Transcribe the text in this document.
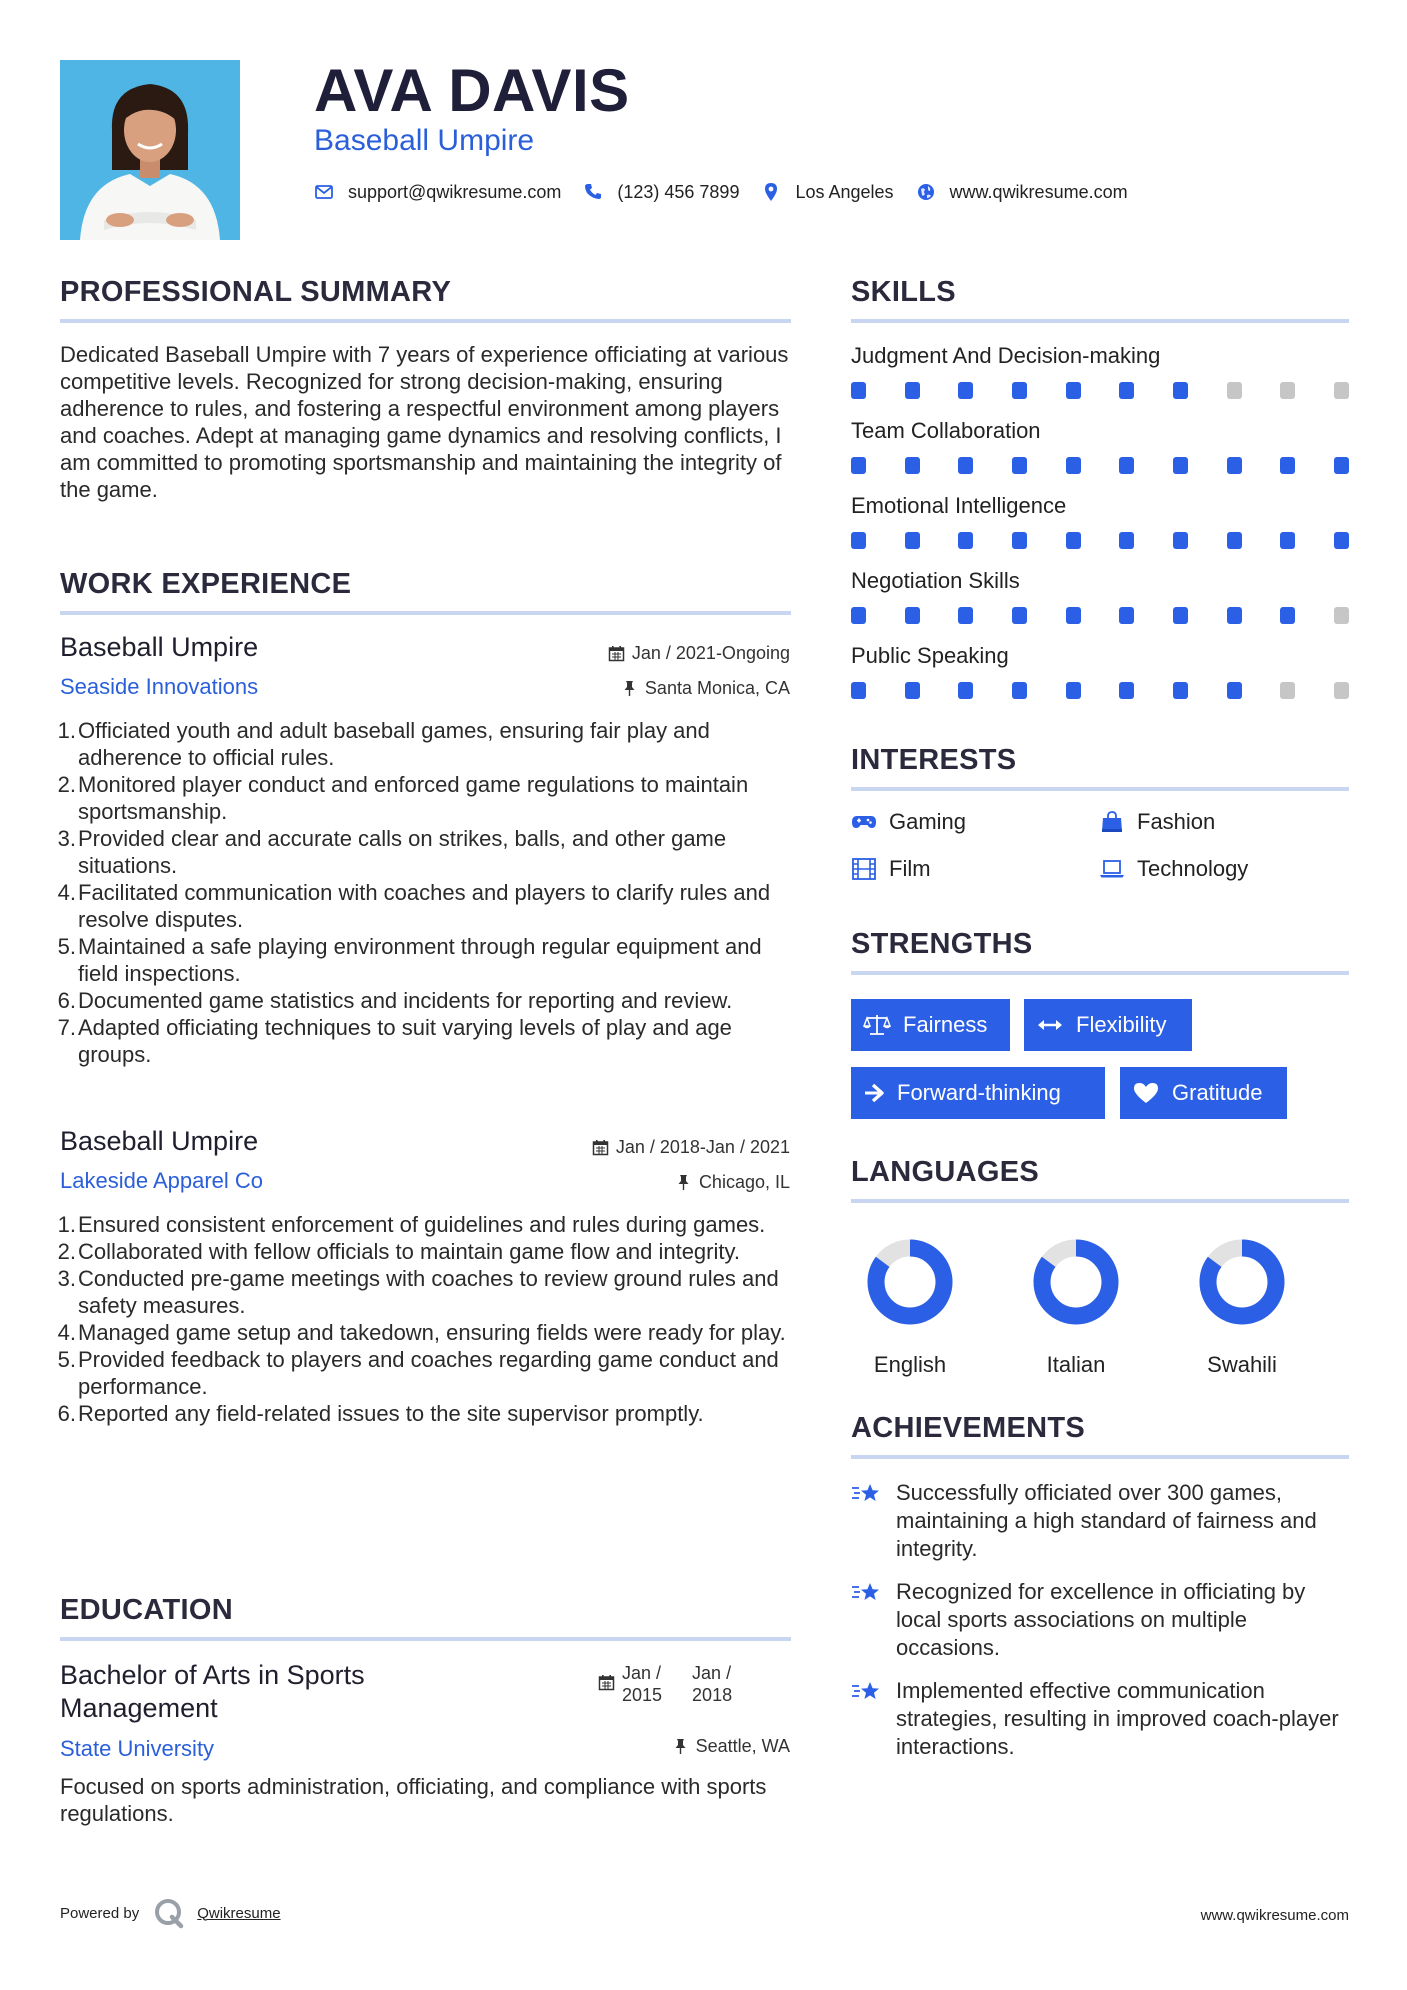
AVA DAVIS
Baseball Umpire
support@qwikresume.com	(123) 456 7899	Los Angeles	www.qwikresume.com
PROFESSIONAL SUMMARY
Dedicated Baseball Umpire with 7 years of experience officiating at various competitive levels. Recognized for strong decision-making, ensuring adherence to rules, and fostering a respectful environment among players and coaches. Adept at managing game dynamics and resolving conflicts, I am committed to promoting sportsmanship and maintaining the integrity of the game.
WORK EXPERIENCE
Baseball Umpire
Seaside Innovations
Jan / 2021-Ongoing
Santa Monica, CA
1. Officiated youth and adult baseball games, ensuring fair play and adherence to official rules.
2. Monitored player conduct and enforced game regulations to maintain sportsmanship.
3. Provided clear and accurate calls on strikes, balls, and other game situations.
4. Facilitated communication with coaches and players to clarify rules and resolve disputes.
5. Maintained a safe playing environment through regular equipment and field inspections.
6. Documented game statistics and incidents for reporting and review.
7. Adapted officiating techniques to suit varying levels of play and age groups.
Baseball Umpire
Lakeside Apparel Co
Jan / 2018-Jan / 2021
Chicago, IL
1. Ensured consistent enforcement of guidelines and rules during games.
2. Collaborated with fellow officials to maintain game flow and integrity.
3. Conducted pre-game meetings with coaches to review ground rules and safety measures.
4. Managed game setup and takedown, ensuring fields were ready for play.
5. Provided feedback to players and coaches regarding game conduct and performance.
6. Reported any field-related issues to the site supervisor promptly.
EDUCATION
Bachelor of Arts in Sports
Management
State University
Jan /
2015
Jan /
2018
Seattle, WA
Focused on sports administration, officiating, and compliance with sports regulations.
SKILLS
Judgment And Decision-making
Team Collaboration
Emotional Intelligence
Negotiation Skills
Public Speaking
INTERESTS
Gaming	Fashion
Film	Technology
STRENGTHS
Fairness	Flexibility
Forward-thinking	Gratitude
LANGUAGES
English	Italian	Swahili
ACHIEVEMENTS
Successfully officiated over 300 games, maintaining a high standard of fairness and integrity.
Recognized for excellence in officiating by local sports associations on multiple occasions.
Implemented effective communication strategies, resulting in improved coach-player interactions.
Powered by	Qwikresume	www.qwikresume.com
